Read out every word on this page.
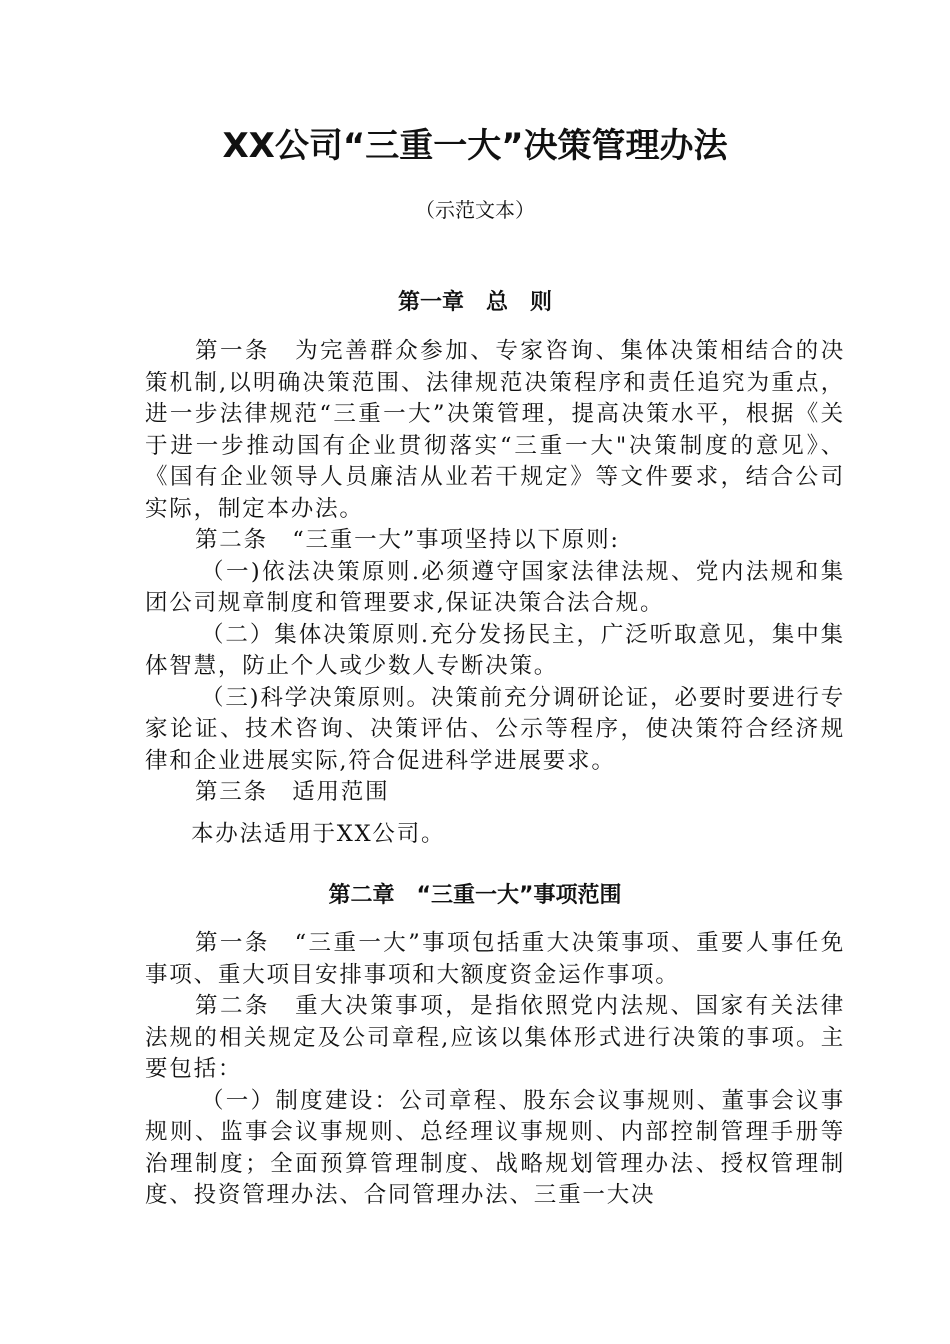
XX公司“三重一大”决策管理办法
（示范文本）
第一章　总　则

第一条　为完善群众参加、专家咨询、集体决策相结合的决策机制,以明确决策范围、法律规范决策程序和责任追究为重点，进一步法律规范“三重一大”决策管理，提高决策水平，根据《关于进一步推动国有企业贯彻落实“三重一大"决策制度的意见》、《国有企业领导人员廉洁从业若干规定》等文件要求，结合公司实际，制定本办法。

第二条　“三重一大”事项坚持以下原则:

（一)依法决策原则.必须遵守国家法律法规、党内法规和集团公司规章制度和管理要求,保证决策合法合规。

（二）集体决策原则.充分发扬民主，广泛听取意见，集中集体智慧，防止个人或少数人专断决策。

（三)科学决策原则。决策前充分调研论证，必要时要进行专家论证、技术咨询、决策评估、公示等程序，使决策符合经济规律和企业进展实际,符合促进科学进展要求。

第三条　适用范围

本办法适用于XX公司。

第二章　“三重一大”事项范围

第一条　“三重一大”事项包括重大决策事项、重要人事任免事项、重大项目安排事项和大额度资金运作事项。

第二条　重大决策事项，是指依照党内法规、国家有关法律法规的相关规定及公司章程,应该以集体形式进行决策的事项。主要包括：

（一）制度建设：公司章程、股东会议事规则、董事会议事规则、监事会议事规则、总经理议事规则、内部控制管理手册等治理制度；全面预算管理制度、战略规划管理办法、授权管理制度、投资管理办法、合同管理办法、三重一大决
